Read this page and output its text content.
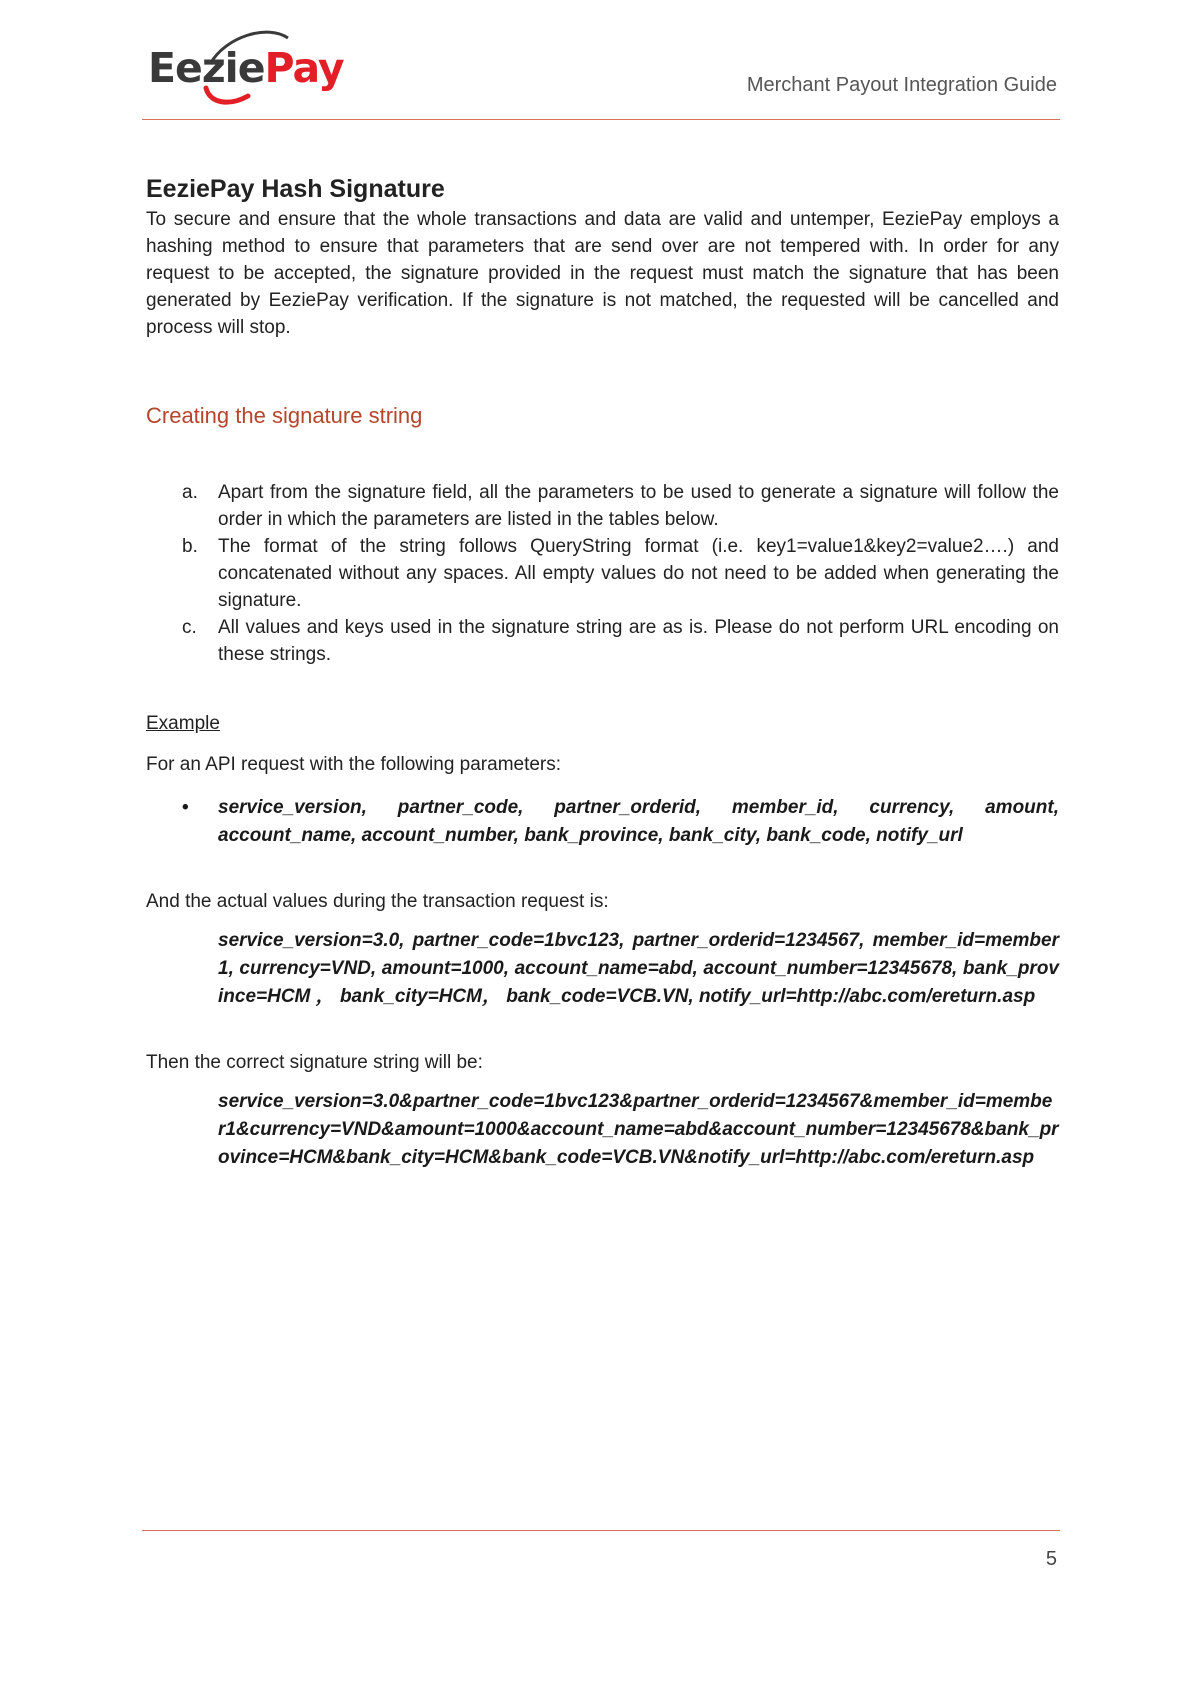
EeziePay	Merchant Payout Integration Guide
EeziePay Hash Signature

To secure and ensure that the whole transactions and data are valid and untemper, EeziePay employs a hashing method to ensure that parameters that are send over are not tempered with. In order for any request to be accepted, the signature provided in the request must match the signature that has been generated by EeziePay verification. If the signature is not matched, the requested will be cancelled and process will stop.

Creating the signature string
a. Apart from the signature field, all the parameters to be used to generate a signature will follow the order in which the parameters are listed in the tables below.
b. The format of the string follows QueryString format (i.e. key1=value1&key2=value2….) and concatenated without any spaces. All empty values do not need to be added when generating the signature.
c. All values and keys used in the signature string are as is. Please do not perform URL encoding on these strings.

Example

For an API request with the following parameters:

• service_version, partner_code, partner_orderid, member_id, currency, amount, account_name, account_number, bank_province, bank_city, bank_code, notify_url

And the actual values during the transaction request is:

service_version=3.0, partner_code=1bvc123, partner_orderid=1234567, member_id=member1, currency=VND, amount=1000, account_name=abd, account_number=12345678, bank_province=HCM ， bank_city=HCM， bank_code=VCB.VN, notify_url=http://abc.com/ereturn.asp

Then the correct signature string will be:

service_version=3.0&partner_code=1bvc123&partner_orderid=1234567&member_id=member1&currency=VND&amount=1000&account_name=abd&account_number=12345678&bank_province=HCM&bank_city=HCM&bank_code=VCB.VN&notify_url=http://abc.com/ereturn.asp
5
